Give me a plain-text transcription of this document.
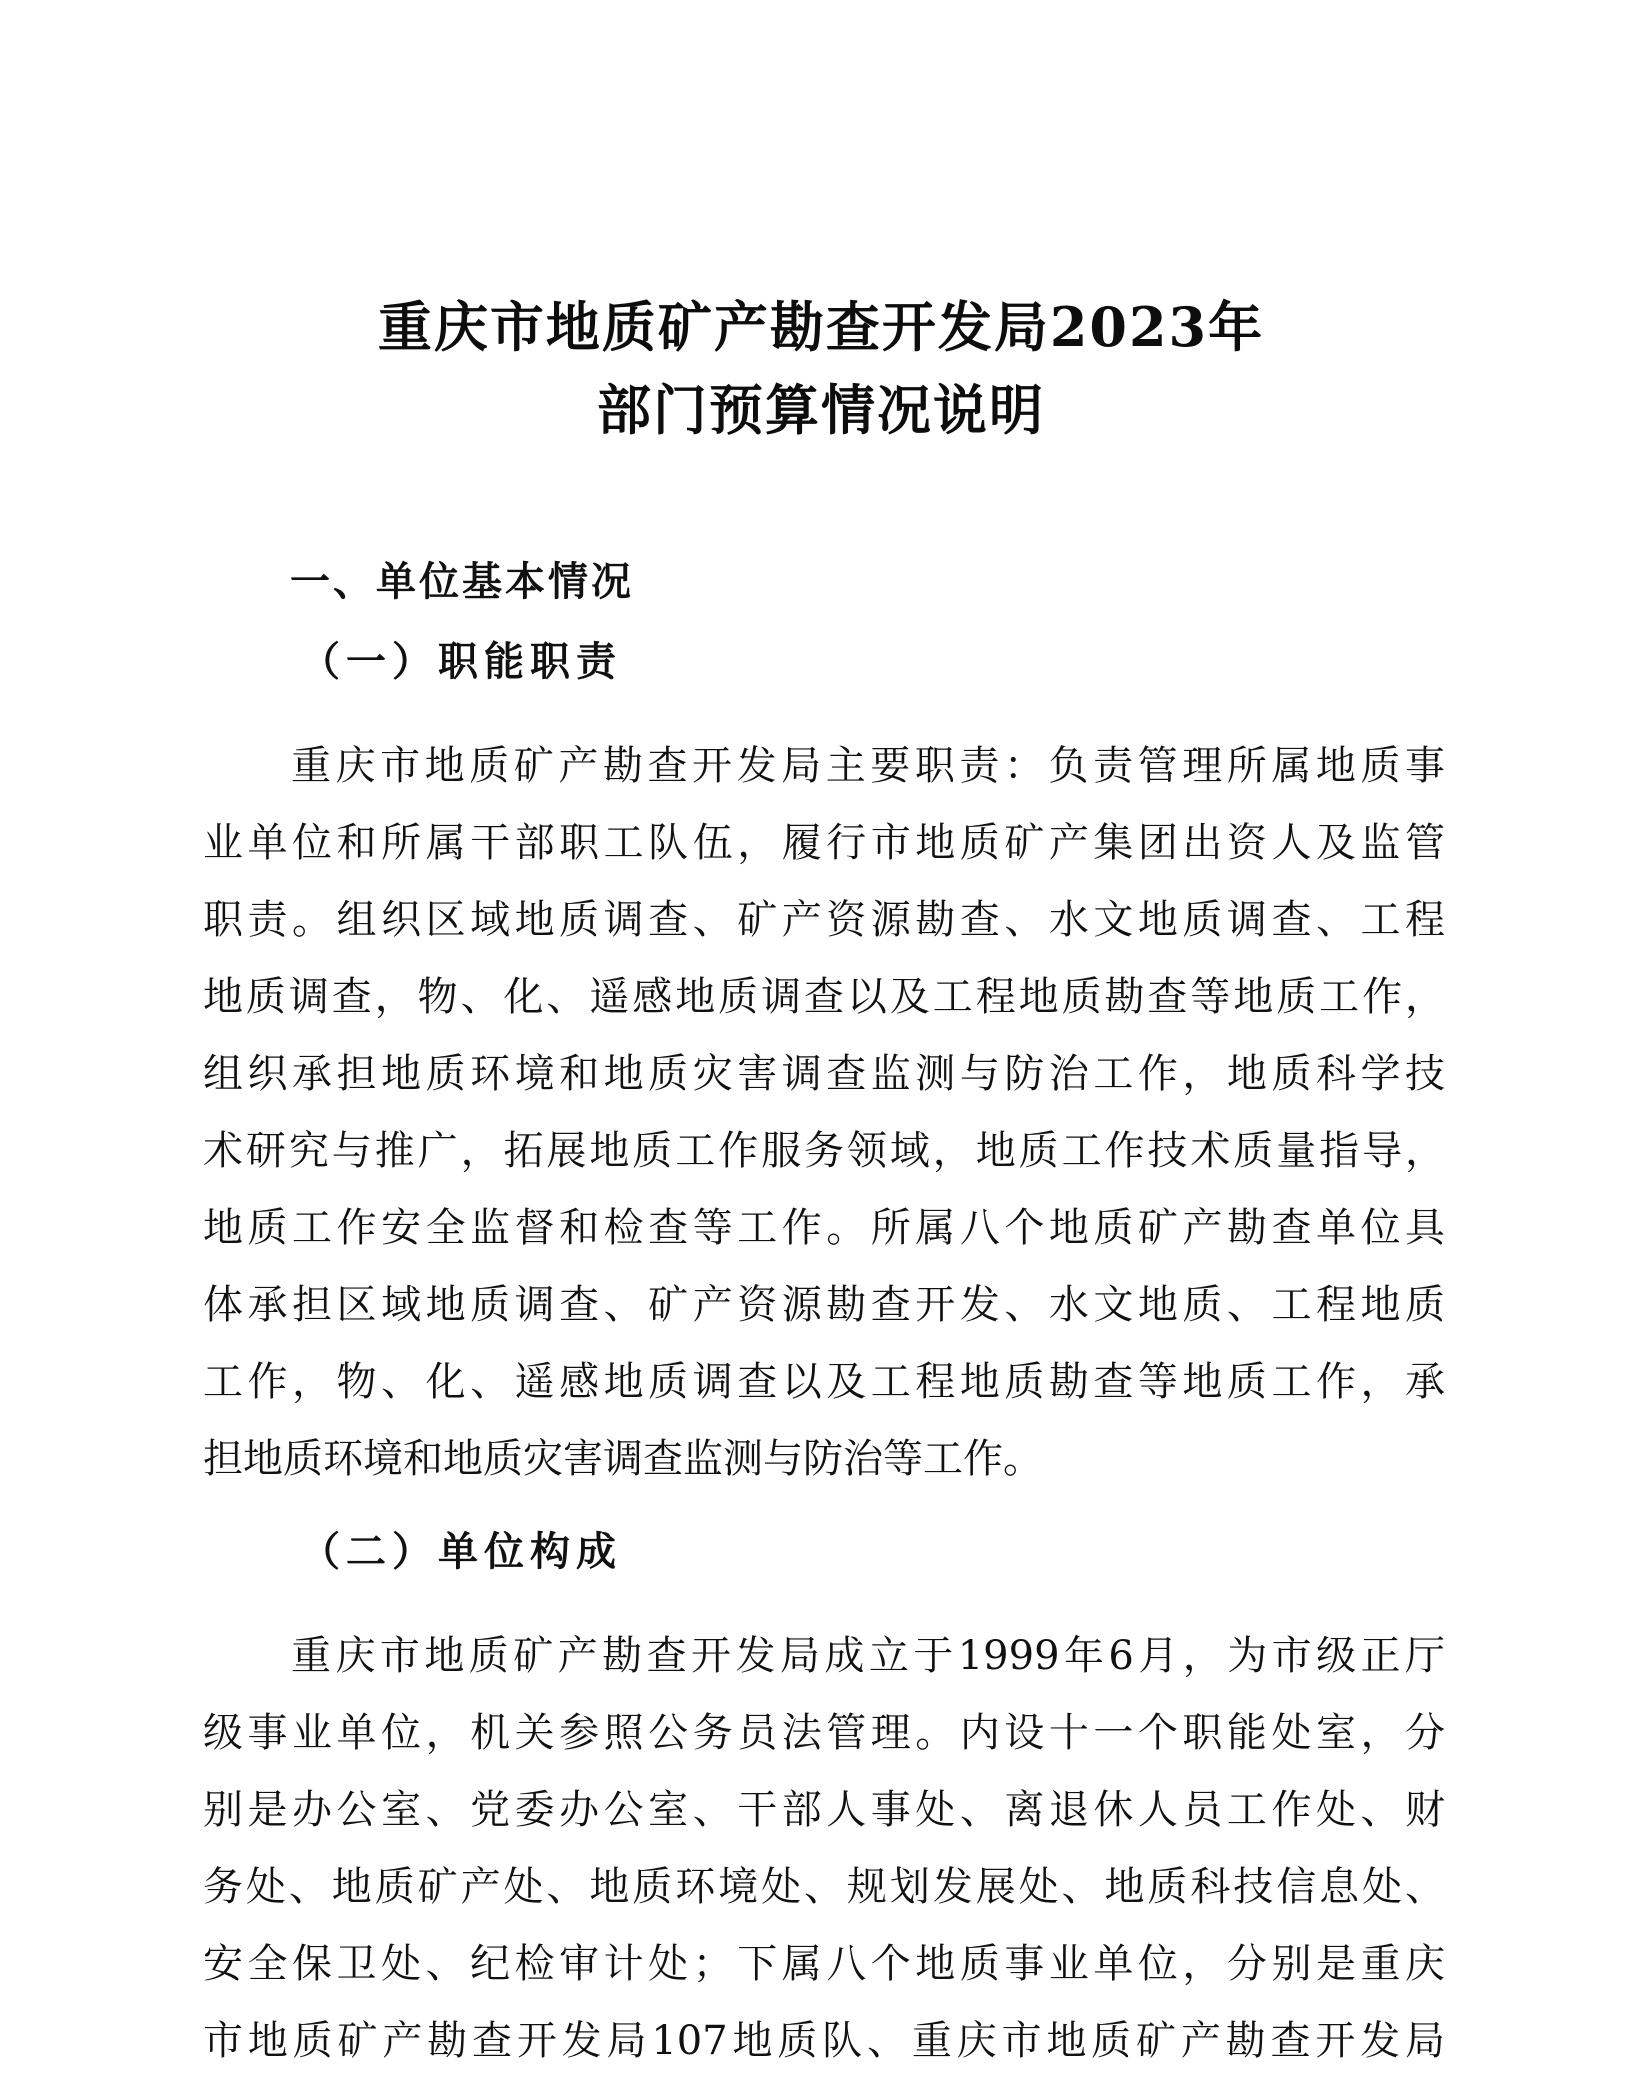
重庆市地质矿产勘查开发局2023年
部门预算情况说明
一、单位基本情况
（一）职能职责
重庆市地质矿产勘查开发局主要职责：负责管理所属地质事
业单位和所属干部职工队伍，履行市地质矿产集团出资人及监管
职责。组织区域地质调查、矿产资源勘查、水文地质调查、工程
地质调查，物、化、遥感地质调查以及工程地质勘查等地质工作，
组织承担地质环境和地质灾害调查监测与防治工作，地质科学技
术研究与推广，拓展地质工作服务领域，地质工作技术质量指导，
地质工作安全监督和检查等工作。所属八个地质矿产勘查单位具
体承担区域地质调查、矿产资源勘查开发、水文地质、工程地质
工作，物、化、遥感地质调查以及工程地质勘查等地质工作，承
担地质环境和地质灾害调查监测与防治等工作。
（二）单位构成
重庆市地质矿产勘查开发局成立于1999年6月，为市级正厅
级事业单位，机关参照公务员法管理。内设十一个职能处室，分
别是办公室、党委办公室、干部人事处、离退休人员工作处、财
务处、地质矿产处、地质环境处、规划发展处、地质科技信息处、
安全保卫处、纪检审计处；下属八个地质事业单位，分别是重庆
市地质矿产勘查开发局107地质队、重庆市地质矿产勘查开发局
